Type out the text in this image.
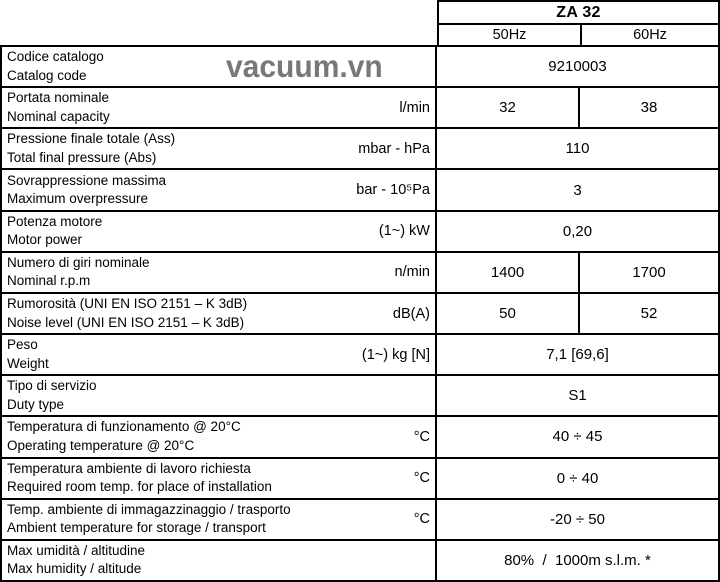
ZA 32
50Hz	60Hz
Codice catalogo
Catalog code	9210003
Portata nominale
Nominal capacity
l/min	32	38
Pressione finale totale (Ass)
Total final pressure (Abs)
mbar - hPa	110
Sovrappressione massima
Maximum overpressure
bar - 10⁵Pa	3
Potenza motore
Motor power
(1~) kW	0,20
Numero di giri nominale
Nominal r.p.m
n/min	1400	1700
Rumorosità (UNI EN ISO 2151 – K 3dB)
Noise level (UNI EN ISO 2151 – K 3dB)
dB(A)	50	52
Peso
Weight
(1~) kg [N]	7,1 [69,6]
Tipo di servizio
Duty type	S1
Temperatura di funzionamento @ 20°C
Operating temperature @ 20°C
°C	40 ÷ 45
Temperatura ambiente di lavoro richiesta
Required room temp. for place of installation
°C	0 ÷ 40
Temp. ambiente di immagazzinaggio / trasporto
Ambient temperature for storage / transport
°C	-20 ÷ 50
Max umidità / altitudine
Max humidity / altitude	80%  /  1000m s.l.m. *
vacuum.vn
